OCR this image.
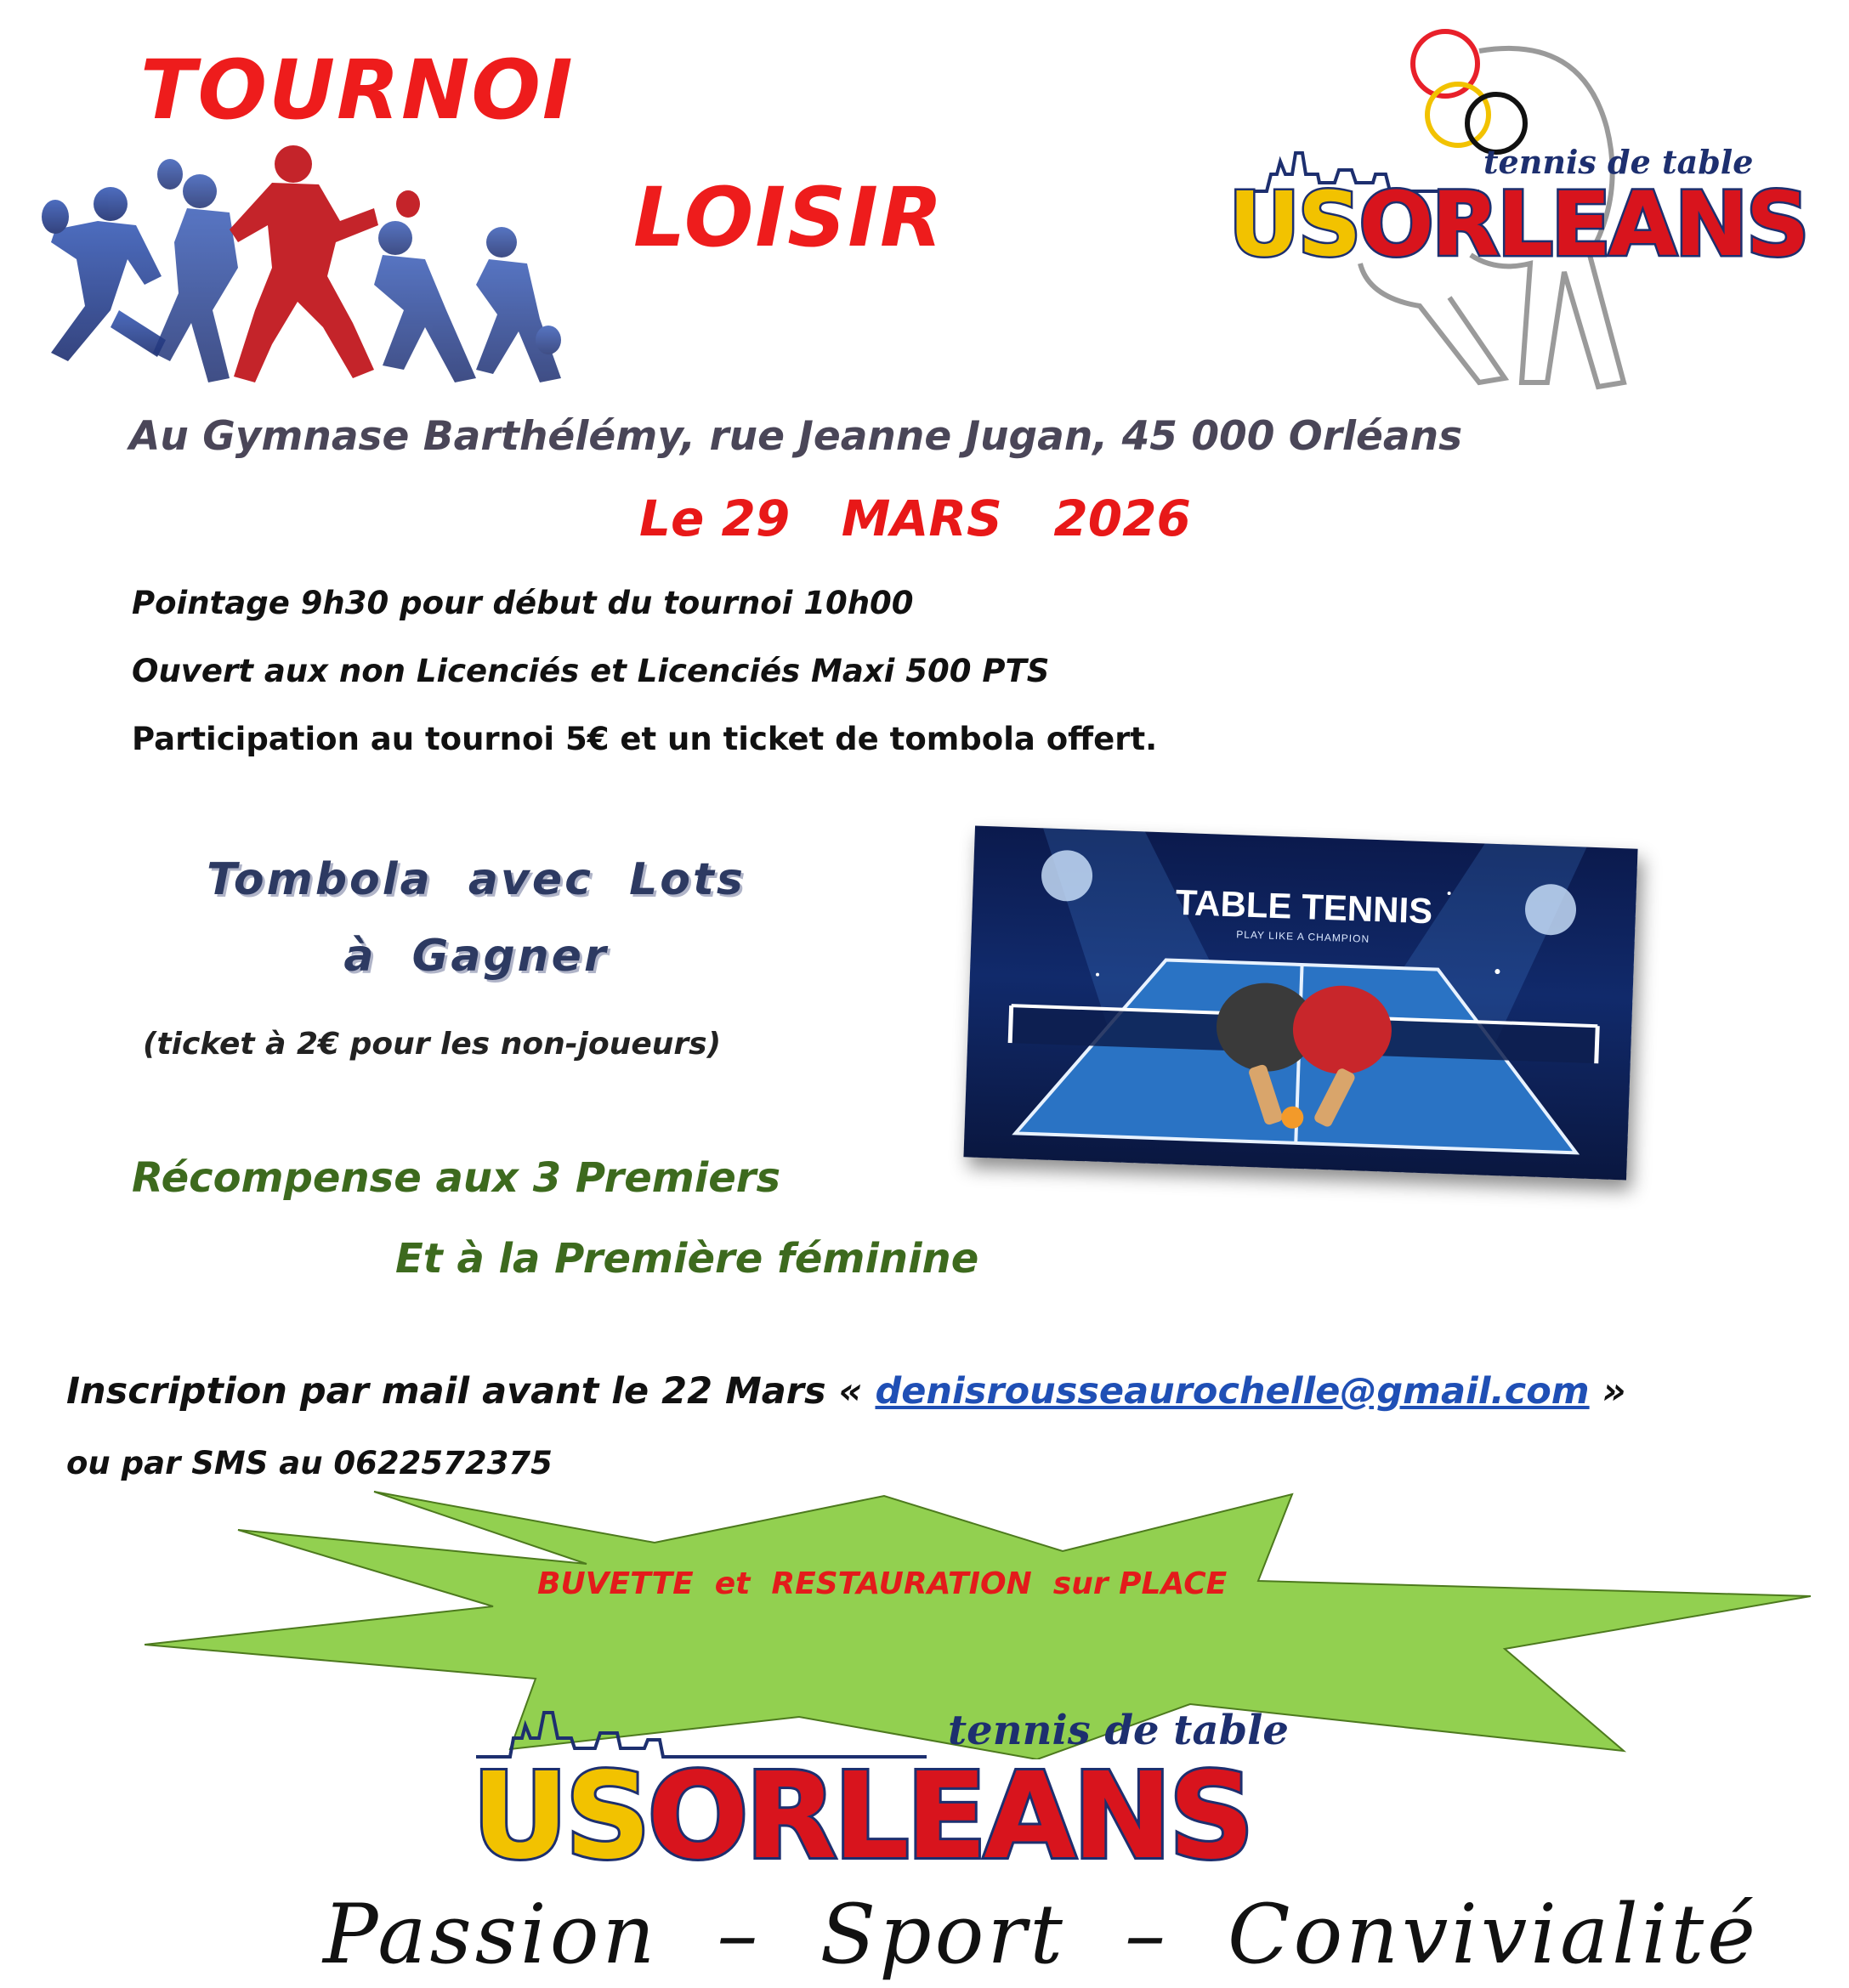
TOURNOI
LOISIR
tennis de table
USORLEANS
Au Gymnase Barthélémy, rue Jeanne Jugan, 45 000 Orléans
Le 29   MARS   2026
Pointage 9h30 pour début du tournoi 10h00
Ouvert aux non Licenciés et Licenciés Maxi 500 PTS
Participation au tournoi 5€ et un ticket de tombola offert.
Tombola  avec  Lots
à  Gagner
(ticket à 2€ pour les non-joueurs)
TABLE TENNIS
PLAY LIKE A CHAMPION
Récompense aux 3 Premiers
Et à la Première féminine
Inscription par mail avant le 22 Mars « denisrousseaurochelle@gmail.com »
ou par SMS au 0622572375
BUVETTE  et  RESTAURATION  sur PLACE
tennis de table
USORLEANS
Passion  –  Sport  –  Convivialité
